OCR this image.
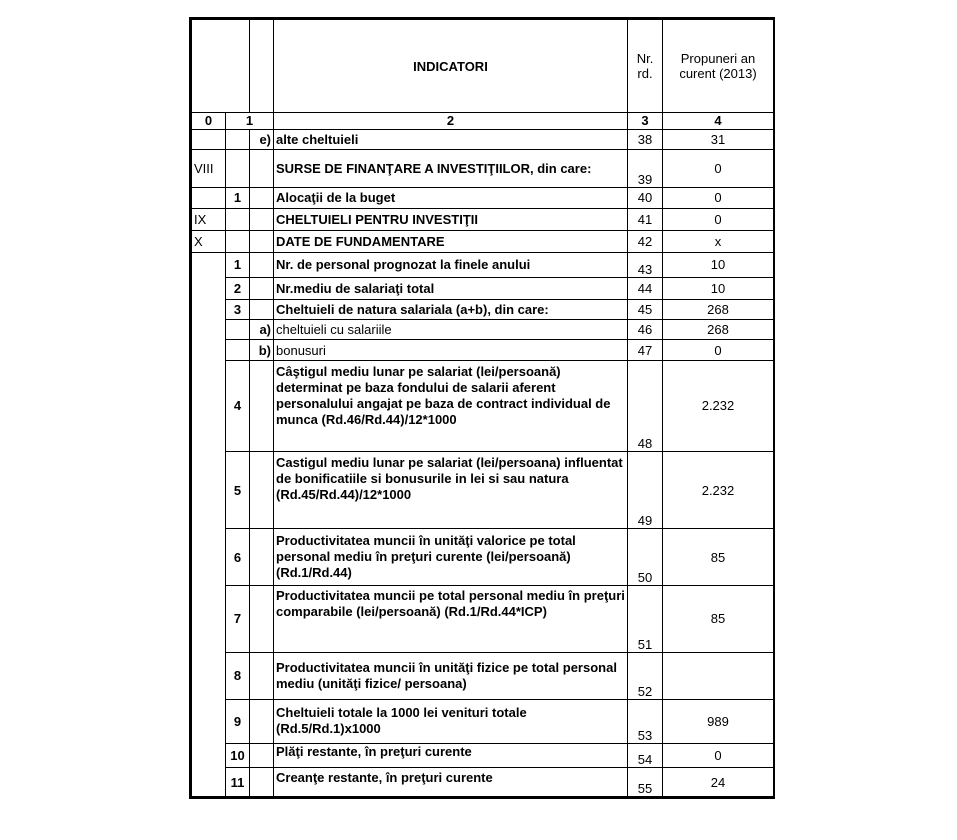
			INDICATORI	Nr. rd.	Propuneri an curent (2013)
0	1		2	3	4
		e)	alte cheltuieli	38	31
VIII			SURSE DE FINANŢARE A INVESTIŢIILOR, din care:	39	0
	1		Alocaţii de la buget	40	0
IX			CHELTUIELI PENTRU INVESTIŢII	41	0
X			DATE DE FUNDAMENTARE	42	x
	1		Nr. de personal prognozat la finele anului	43	10
	2		Nr.mediu de salariaţi total	44	10
	3		Cheltuieli de natura salariala (a+b), din care:	45	268
		a)	cheltuieli cu salariile	46	268
		b)	bonusuri	47	0
	4		Câştigul mediu lunar pe salariat (lei/persoană) determinat pe baza fondului de salarii aferent personalului angajat pe baza de contract individual de munca (Rd.46/Rd.44)/12*1000	48	2.232
	5		Castigul mediu lunar pe salariat (lei/persoana) influentat de bonificatiile si bonusurile in lei si sau natura (Rd.45/Rd.44)/12*1000	49	2.232
	6		Productivitatea muncii în unităţi valorice pe total personal mediu în preţuri curente (lei/persoană) (Rd.1/Rd.44)	50	85
	7		Productivitatea muncii pe total personal mediu în preţuri comparabile (lei/persoană) (Rd.1/Rd.44*ICP)	51	85
	8		Productivitatea muncii în unităţi fizice pe total personal mediu (unităţi fizice/ persoana)	52	
	9		Cheltuieli totale la 1000 lei venituri totale (Rd.5/Rd.1)x1000	53	989
	10		Plăţi restante, în preţuri curente	54	0
	11		Creanţe restante, în preţuri curente	55	24
